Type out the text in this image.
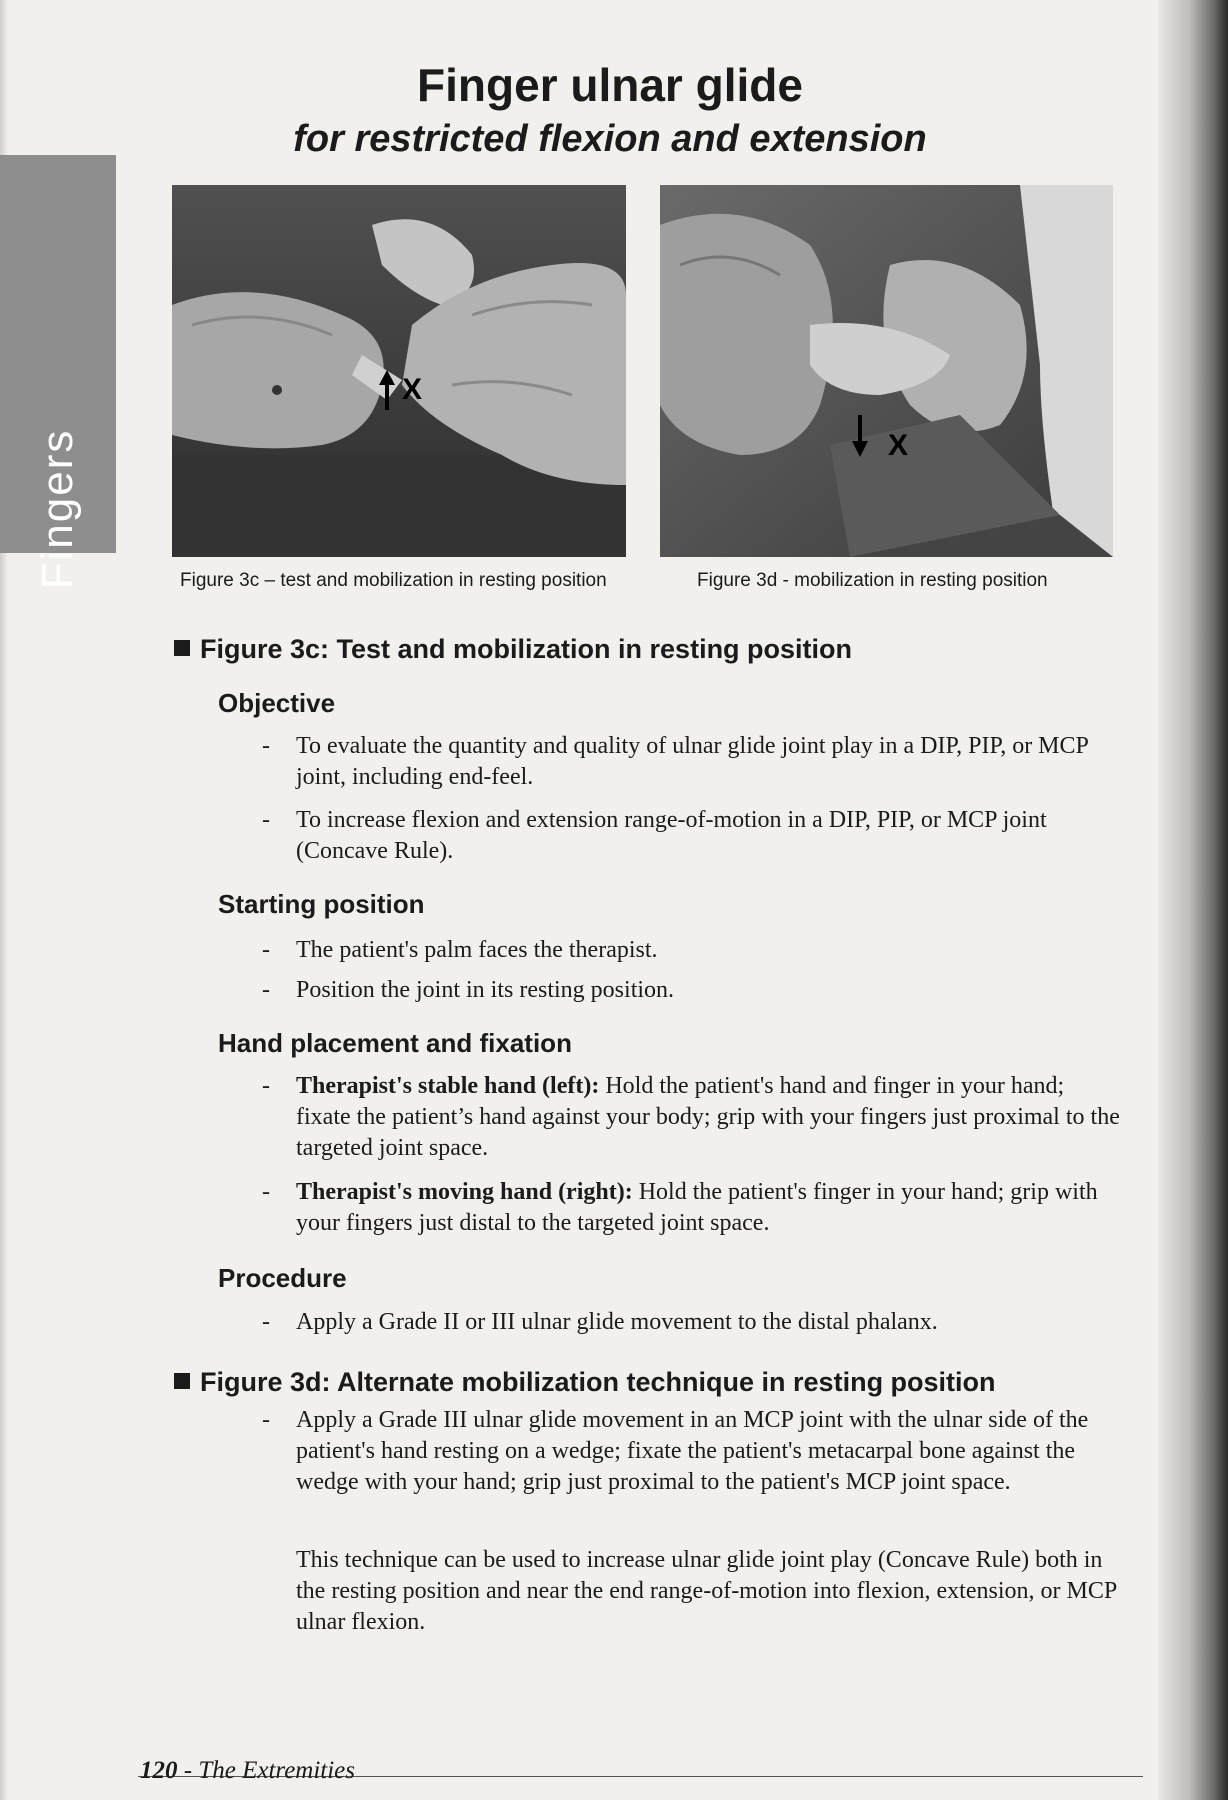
Fingers
Finger ulnar glide
for restricted flexion and extension
X
X
Figure 3c – test and mobilization in resting position	Figure 3d - mobilization in resting position
Figure 3c: Test and mobilization in resting position
Objective
- To evaluate the quantity and quality of ulnar glide joint play in a DIP, PIP, or MCP joint, including end-feel.
- To increase flexion and extension range-of-motion in a DIP, PIP, or MCP joint (Concave Rule).
Starting position
- The patient's palm faces the therapist.
- Position the joint in its resting position.
Hand placement and fixation
- Therapist's stable hand (left): Hold the patient's hand and finger in your hand; fixate the patient’s hand against your body; grip with your fingers just proximal to the targeted joint space.
- Therapist's moving hand (right): Hold the patient's finger in your hand; grip with your fingers just distal to the targeted joint space.
Procedure
- Apply a Grade II or III ulnar glide movement to the distal phalanx.
Figure 3d: Alternate mobilization technique in resting position
- Apply a Grade III ulnar glide movement in an MCP joint with the ulnar side of the patient's hand resting on a wedge; fixate the patient's metacarpal bone against the wedge with your hand; grip just proximal to the patient's MCP joint space.
This technique can be used to increase ulnar glide joint play (Concave Rule) both in the resting position and near the end range-of-motion into flexion, extension, or MCP ulnar flexion.
120 - The Extremities
